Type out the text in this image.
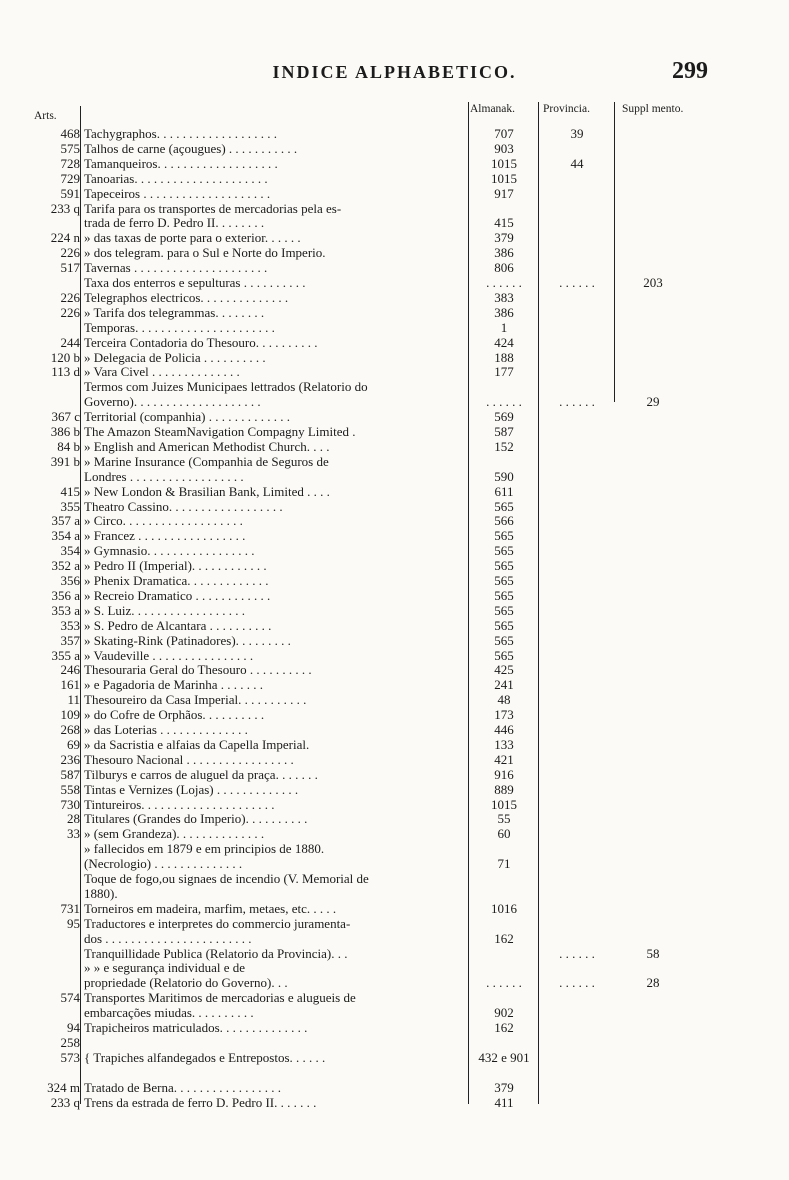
INDICE ALPHABETICO.	299
Arts.
Almanak. Provincia.	Suppl mento.
468 Tachygraphos. . . . . . . . . . . . . . . . . . .	707	39
575 Talhos de carne (açougues) . . . . . . . . . . .	903
728 Tamanqueiros. . . . . . . . . . . . . . . . . . .	1015	44
729 Tanoarias. . . . . . . . . . . . . . . . . . . . .	1015
591 Tapeceiros . . . . . . . . . . . . . . . . . . . .	917
233 q Tarifa para os transportes de mercadorias pela es-
trada de ferro D. Pedro II. . . . . . . .	415
224 n » das taxas de porte para o exterior. . . . . .	379
226 » dos telegram. para o Sul e Norte do Imperio.	386
517 Tavernas . . . . . . . . . . . . . . . . . . . . .	806
Taxa dos enterros e sepulturas . . . . . . . . . .	. . . . . .	. . . . . .	203
226 Telegraphos electricos. . . . . . . . . . . . . .	383
226 » Tarifa dos telegrammas. . . . . . . .	386
Temporas. . . . . . . . . . . . . . . . . . . . . .	1
244 Terceira Contadoria do Thesouro. . . . . . . . . .	424
120 b » Delegacia de Policia . . . . . . . . . .	188
113 d » Vara Civel . . . . . . . . . . . . . .	177
Termos com Juizes Municipaes lettrados (Relatorio do
Governo). . . . . . . . . . . . . . . . . . . .	. . . . . .	. . . . . .	29
367 c Territorial (companhia) . . . . . . . . . . . . .	569
386 b The Amazon SteamNavigation Compagny Limited .	587
84 b » English and American Methodist Church. . . .	152
391 b » Marine Insurance (Companhia de Seguros de
Londres . . . . . . . . . . . . . . . . . .	590
415 » New London & Brasilian Bank, Limited . . . .	611
355 Theatro Cassino. . . . . . . . . . . . . . . . . .	565
357 a » Circo. . . . . . . . . . . . . . . . . . .	566
354 a » Francez . . . . . . . . . . . . . . . . .	565
354 » Gymnasio. . . . . . . . . . . . . . . . .	565
352 a » Pedro II (Imperial). . . . . . . . . . . .	565
356 » Phenix Dramatica. . . . . . . . . . . . .	565
356 a » Recreio Dramatico . . . . . . . . . . . .	565
353 a » S. Luiz. . . . . . . . . . . . . . . . . .	565
353 » S. Pedro de Alcantara . . . . . . . . . .	565
357 » Skating-Rink (Patinadores). . . . . . . . .	565
355 a » Vaudeville . . . . . . . . . . . . . . . .	565
246 Thesouraria Geral do Thesouro . . . . . . . . . .	425
161 » e Pagadoria de Marinha . . . . . . .	241
11 Thesoureiro da Casa Imperial. . . . . . . . . . .	48
109 » do Cofre de Orphãos. . . . . . . . . .	173
268 » das Loterias . . . . . . . . . . . . . .	446
69 » da Sacristia e alfaias da Capella Imperial.	133
236 Thesouro Nacional . . . . . . . . . . . . . . . . .	421
587 Tilburys e carros de aluguel da praça. . . . . . .	916
558 Tintas e Vernizes (Lojas) . . . . . . . . . . . . .	889
730 Tintureiros. . . . . . . . . . . . . . . . . . . . .	1015
28 Titulares (Grandes do Imperio). . . . . . . . . .	55
33 » (sem Grandeza). . . . . . . . . . . . . .	60
» fallecidos em 1879 e em principios de 1880.
(Necrologio) . . . . . . . . . . . . . .	71
Toque de fogo,ou signaes de incendio (V. Memorial de
1880).
731 Torneiros em madeira, marfim, metaes, etc. . . . .	1016
95 Traductores e interpretes do commercio juramenta-
dos . . . . . . . . . . . . . . . . . . . . . . .	162
Tranquillidade Publica (Relatorio da Provincia). . .	. . . . . .	58
» » e segurança individual e de
propriedade (Relatorio do Governo). . .	. . . . . .	. . . . . .	28
574 Transportes Maritimos de mercadorias e alugueis de
embarcações miudas. . . . . . . . . .	902
94 Trapicheiros matriculados. . . . . . . . . . . . . .	162
258
573 { Trapiches alfandegados e Entrepostos. . . . . .	432 e 901
324 m Tratado de Berna. . . . . . . . . . . . . . . . .	379
233 q Trens da estrada de ferro D. Pedro II. . . . . . .	411
